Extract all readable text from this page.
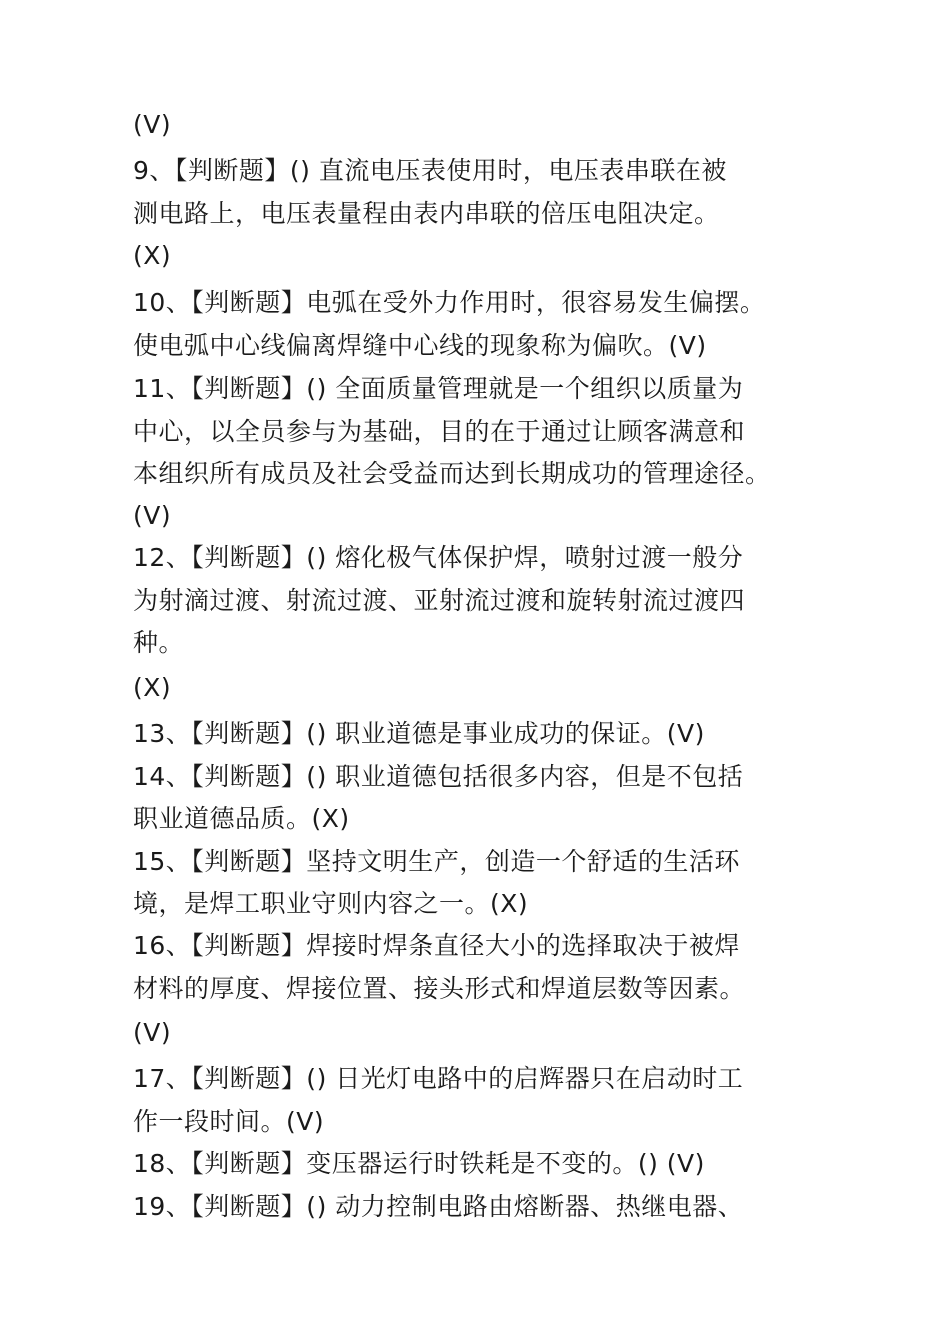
(V)
9、【判断题】() 直流电压表使用时，电压表串联在被
测电路上，电压表量程由表内串联的倍压电阻决定。
(X)
10、【判断题】电弧在受外力作用时，很容易发生偏摆。
使电弧中心线偏离焊缝中心线的现象称为偏吹。(V)
11、【判断题】() 全面质量管理就是一个组织以质量为
中心，以全员参与为基础，目的在于通过让顾客满意和
本组织所有成员及社会受益而达到长期成功的管理途径。
(V)
12、【判断题】() 熔化极气体保护焊，喷射过渡一般分
为射滴过渡、射流过渡、亚射流过渡和旋转射流过渡四
种。
(X)
13、【判断题】() 职业道德是事业成功的保证。(V)
14、【判断题】() 职业道德包括很多内容，但是不包括
职业道德品质。(X)
15、【判断题】坚持文明生产，创造一个舒适的生活环
境，是焊工职业守则内容之一。(X)
16、【判断题】焊接时焊条直径大小的选择取决于被焊
材料的厚度、焊接位置、接头形式和焊道层数等因素。
(V)
17、【判断题】() 日光灯电路中的启辉器只在启动时工
作一段时间。(V)
18、【判断题】变压器运行时铁耗是不变的。() (V)
19、【判断题】() 动力控制电路由熔断器、热继电器、
